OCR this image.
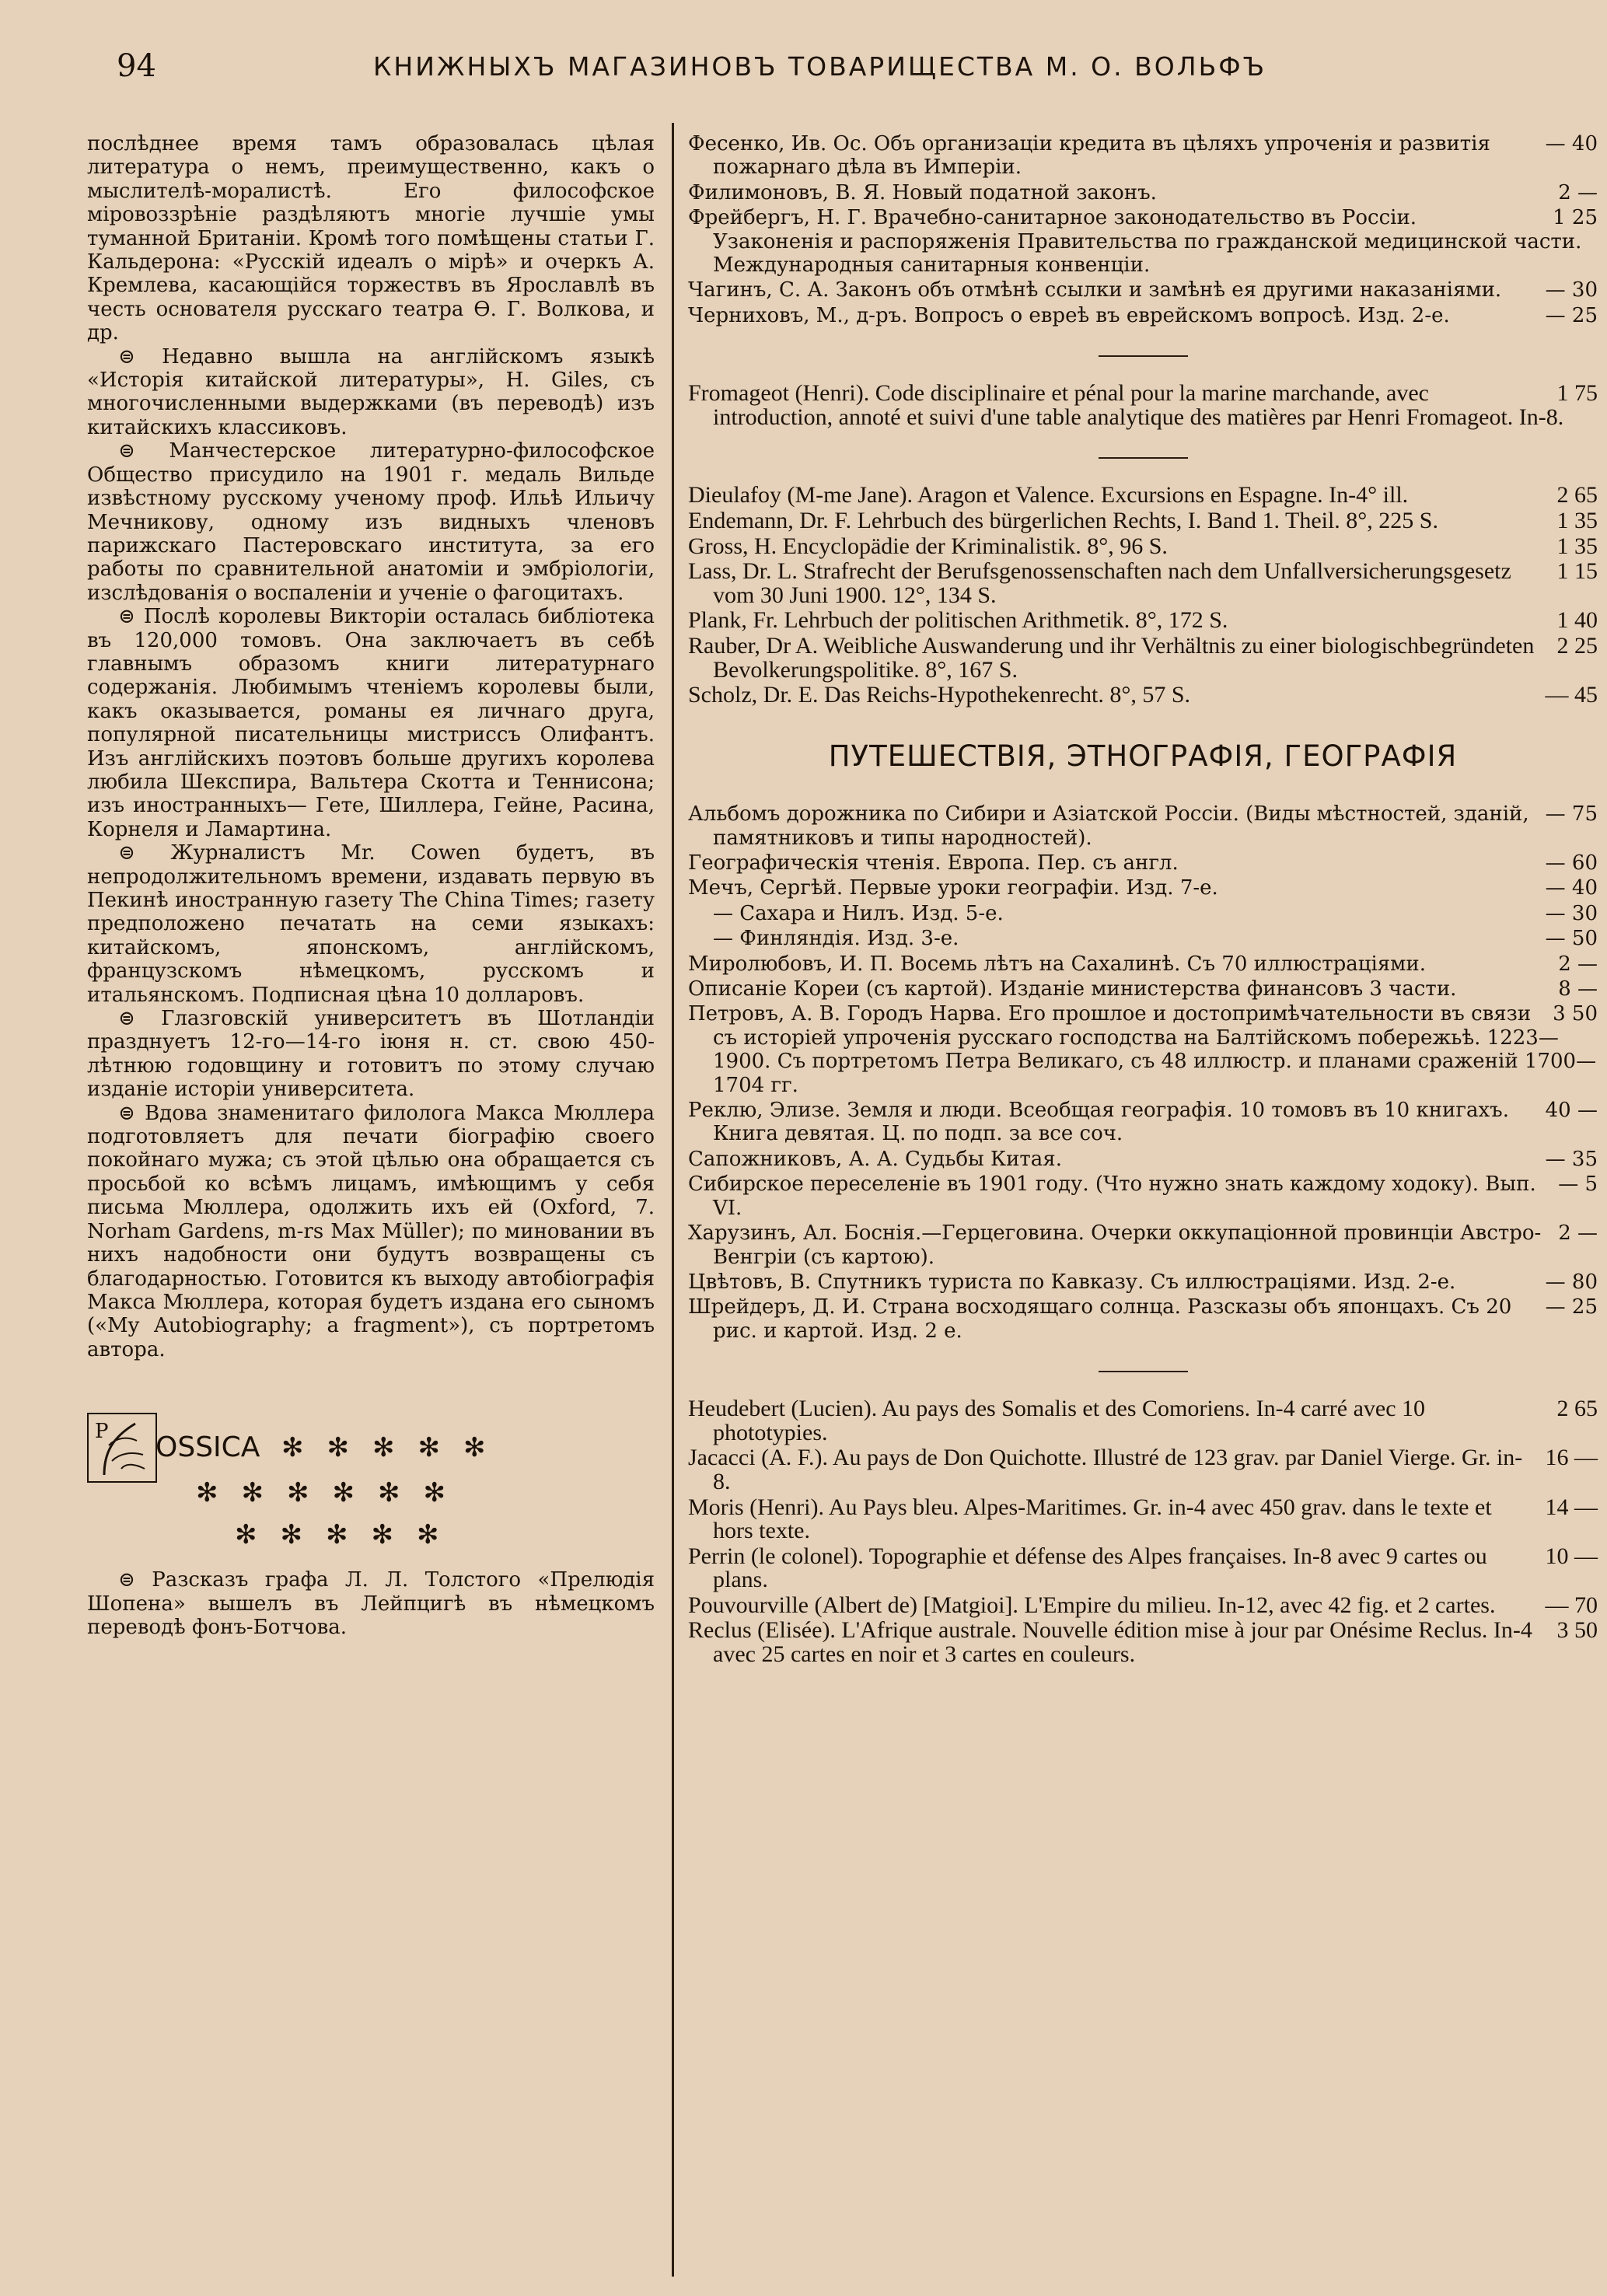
94	КНИЖНЫХЪ МАГАЗИНОВЪ ТОВАРИЩЕСТВА М. О. ВОЛЬФЪ

послѣднее время тамъ образовалась цѣлая литература о немъ, преимущественно, какъ о мыслителѣ-моралистѣ. Его философское міровоззрѣніе раздѣляютъ многіе лучшіе умы туманной Британіи. Кромѣ того помѣщены статьи Г. Кальдерона: «Русскій идеалъ о мірѣ» и очеркъ А. Кремлева, касающійся торжествъ въ Ярославлѣ въ честь основателя русскаго театра Ѳ. Г. Волкова, и др.

⊜ Недавно вышла на англійскомъ языкѣ «Исторія китайской литературы», H. Giles, съ многочисленными выдержками (въ переводѣ) изъ китайскихъ классиковъ.

⊜ Манчестерское литературно-философское Общество присудило на 1901 г. медаль Вильде извѣстному русскому ученому проф. Ильѣ Ильичу Мечникову, одному изъ видныхъ членовъ парижскаго Пастеровскаго института, за его работы по сравнительной анатоміи и эмбріологіи, изслѣдованія о воспаленіи и ученіе о фагоцитахъ.

⊜ Послѣ королевы Викторіи осталась библіотека въ 120,000 томовъ. Она заключаетъ въ себѣ главнымъ образомъ книги литературнаго содержанія. Любимымъ чтеніемъ королевы были, какъ оказывается, романы ея личнаго друга, популярной писательницы мистриссъ Олифантъ. Изъ англійскихъ поэтовъ больше другихъ королева любила Шекспира, Вальтера Скотта и Теннисона; изъ иностранныхъ— Гете, Шиллера, Гейне, Расина, Корнеля и Ламартина.

⊜ Журналистъ Mr. Cowen будетъ, въ непродолжительномъ времени, издавать первую въ Пекинѣ иностранную газету The China Times; газету предположено печатать на семи языкахъ: китайскомъ, японскомъ, англійскомъ, французскомъ нѣмецкомъ, русскомъ и итальянскомъ. Подписная цѣна 10 долларовъ.

⊜ Глазговскій университетъ въ Шотландіи празднуетъ 12-го—14-го іюня н. ст. свою 450-лѣтнюю годовщину и готовитъ по этому случаю изданіе исторіи университета.

⊜ Вдова знаменитаго филолога Макса Мюллера подготовляетъ для печати біографію своего покойнаго мужа; съ этой цѣлью она обращается съ просьбой ко всѣмъ лицамъ, имѣющимъ у себя письма Мюллера, одолжить ихъ ей (Oxford, 7. Norham Gardens, m-rs Max Müller); по миновании въ нихъ надобности они будутъ возвращены съ благодарностью. Готовится къ выходу автобіографія Макса Мюллера, которая будетъ издана его сыномъ («My Autobiography; a fragment»), съ портретомъ автора.

Р OSSICA ✻✻✻✻✻
✻✻✻✻✻✻
✻✻✻✻✻

⊜ Разсказъ графа Л. Л. Толстого «Прелюдія Шопена» вышелъ въ Лейпцигѣ въ нѣмецкомъ переводѣ фонъ-Ботчова.

— 40
Фесенко, Ив. Ос. Объ организаціи кредита въ цѣляхъ упроченія и развитія пожарнаго дѣла въ Имперіи.
2 —
Филимоновъ, В. Я. Новый податной законъ.
1 25
Фрейбергъ, Н. Г. Врачебно-санитарное законодательство въ Россіи. Узаконенія и распоряженія Правительства по гражданской медицинской части. Международныя санитарныя конвенціи.
— 30
Чагинъ, С. А. Законъ объ отмѣнѣ ссылки и замѣнѣ ея другими наказаніями.
— 25
Черниховъ, М., д-ръ. Вопросъ о евреѣ въ еврейскомъ вопросѣ. Изд. 2-е.
1 75
Fromageot (Henri). Code disciplinaire et pénal pour la marine marchande, avec introduction, annoté et suivi d'une table analytique des matières par Henri Fromageot. In-8.
2 65
Dieulafoy (M-me Jane). Aragon et Valence. Excursions en Espagne. In-4° ill.
1 35
Endemann, Dr. F. Lehrbuch des bürgerlichen Rechts, I. Band 1. Theil. 8°, 225 S.
1 35
Gross, H. Encyclopädie der Kriminalistik. 8°, 96 S.
1 15
Lass, Dr. L. Strafrecht der Berufsgenossenschaften nach dem Unfallversicherungsgesetz vom 30 Juni 1900. 12°, 134 S.
1 40
Plank, Fr. Lehrbuch der politischen Arithmetik. 8°, 172 S.
2 25
Rauber, Dr A. Weibliche Auswanderung und ihr Verhältnis zu einer biologischbegründeten Bevolkerungspolitike. 8°, 167 S.
— 45
Scholz, Dr. E. Das Reichs-Hypothekenrecht. 8°, 57 S.
ПУТЕШЕСТВІЯ, ЭТНОГРАФІЯ, ГЕОГРАФІЯ
— 75
Альбомъ дорожника по Сибири и Азіатской Россіи. (Виды мѣстностей, зданій, памятниковъ и типы народностей).
— 60
Географическія чтенія. Европа. Пер. съ англ.
— 40
Мечъ, Сергѣй. Первые уроки географіи. Изд. 7-е.
— 30
— Сахара и Нилъ. Изд. 5-е.
— 50
— Финляндія. Изд. 3-е.
2 —
Миролюбовъ, И. П. Восемь лѣтъ на Сахалинѣ. Съ 70 иллюстраціями.
8 —
Описаніе Кореи (съ картой). Изданіе министерства финансовъ 3 части.
3 50
Петровъ, А. В. Городъ Нарва. Его прошлое и достопримѣчательности въ связи съ исторіей упроченія русскаго господства на Балтійскомъ побережьѣ. 1223—1900. Съ портретомъ Петра Великаго, съ 48 иллюстр. и планами сраженій 1700—1704 гг.
40 —
Реклю, Элизе. Земля и люди. Всеобщая географія. 10 томовъ въ 10 книгахъ. Книга девятая. Ц. по подп. за все соч.
— 35
Сапожниковъ, А. А. Судьбы Китая.
— 5
Сибирское переселеніе въ 1901 году. (Что нужно знать каждому ходоку). Вып. VI.
2 —
Харузинъ, Ал. Боснія.—Герцеговина. Очерки оккупаціонной провинціи Австро-Венгріи (съ картою).
— 80
Цвѣтовъ, В. Спутникъ туриста по Кавказу. Съ иллюстраціями. Изд. 2-е.
— 25
Шрейдеръ, Д. И. Страна восходящаго солнца. Разсказы объ японцахъ. Съ 20 рис. и картой. Изд. 2 е.
2 65
Heudebert (Lucien). Au pays des Somalis et des Comoriens. In-4 carré avec 10 phototypies.
16 —
Jacacci (A. F.). Au pays de Don Quichotte. Illustré de 123 grav. par Daniel Vierge. Gr. in-8.
14 —
Moris (Henri). Au Pays bleu. Alpes-Maritimes. Gr. in-4 avec 450 grav. dans le texte et hors texte.
10 —
Perrin (le colonel). Topographie et défense des Alpes françaises. In-8 avec 9 cartes ou plans.
— 70
Pouvourville (Albert de) [Matgioi]. L'Empire du milieu. In-12, avec 42 fig. et 2 cartes.
3 50
Reclus (Elisée). L'Afrique australe. Nouvelle édition mise à jour par Onésime Reclus. In-4 avec 25 cartes en noir et 3 cartes en couleurs.
